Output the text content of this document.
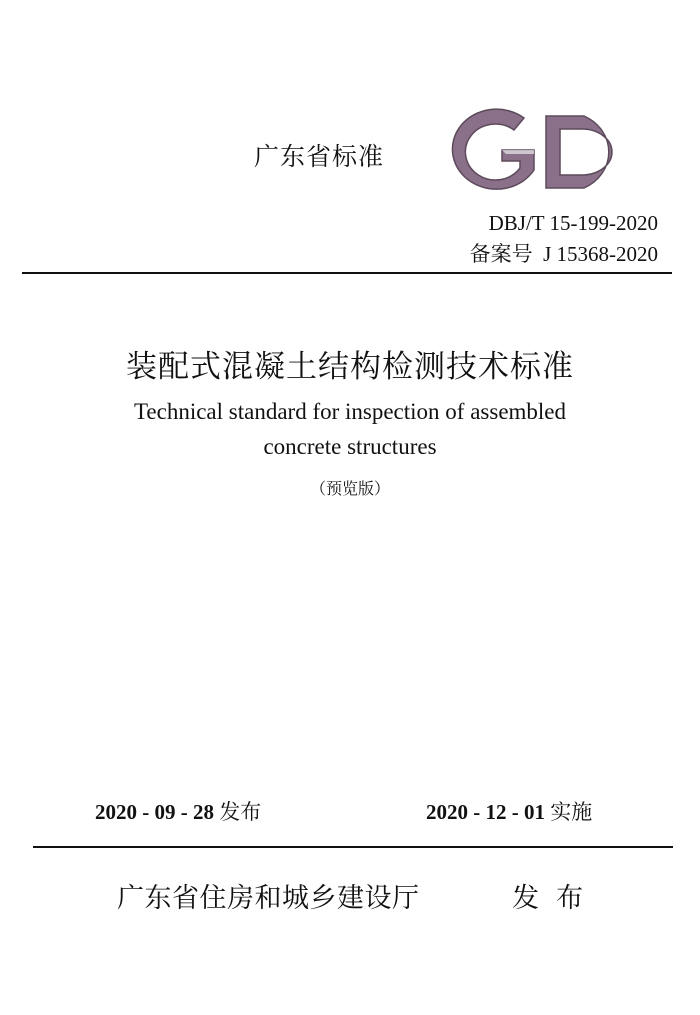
广东省标准
GD
DBJ/T 15-199-2020
备案号  J 15368-2020
装配式混凝土结构检测技术标准
Technical standard for inspection of assembled
concrete structures
（预览版）
2020 - 09 - 28 发布	2020 - 12 - 01 实施
广东省住房和城乡建设厅	发  布
